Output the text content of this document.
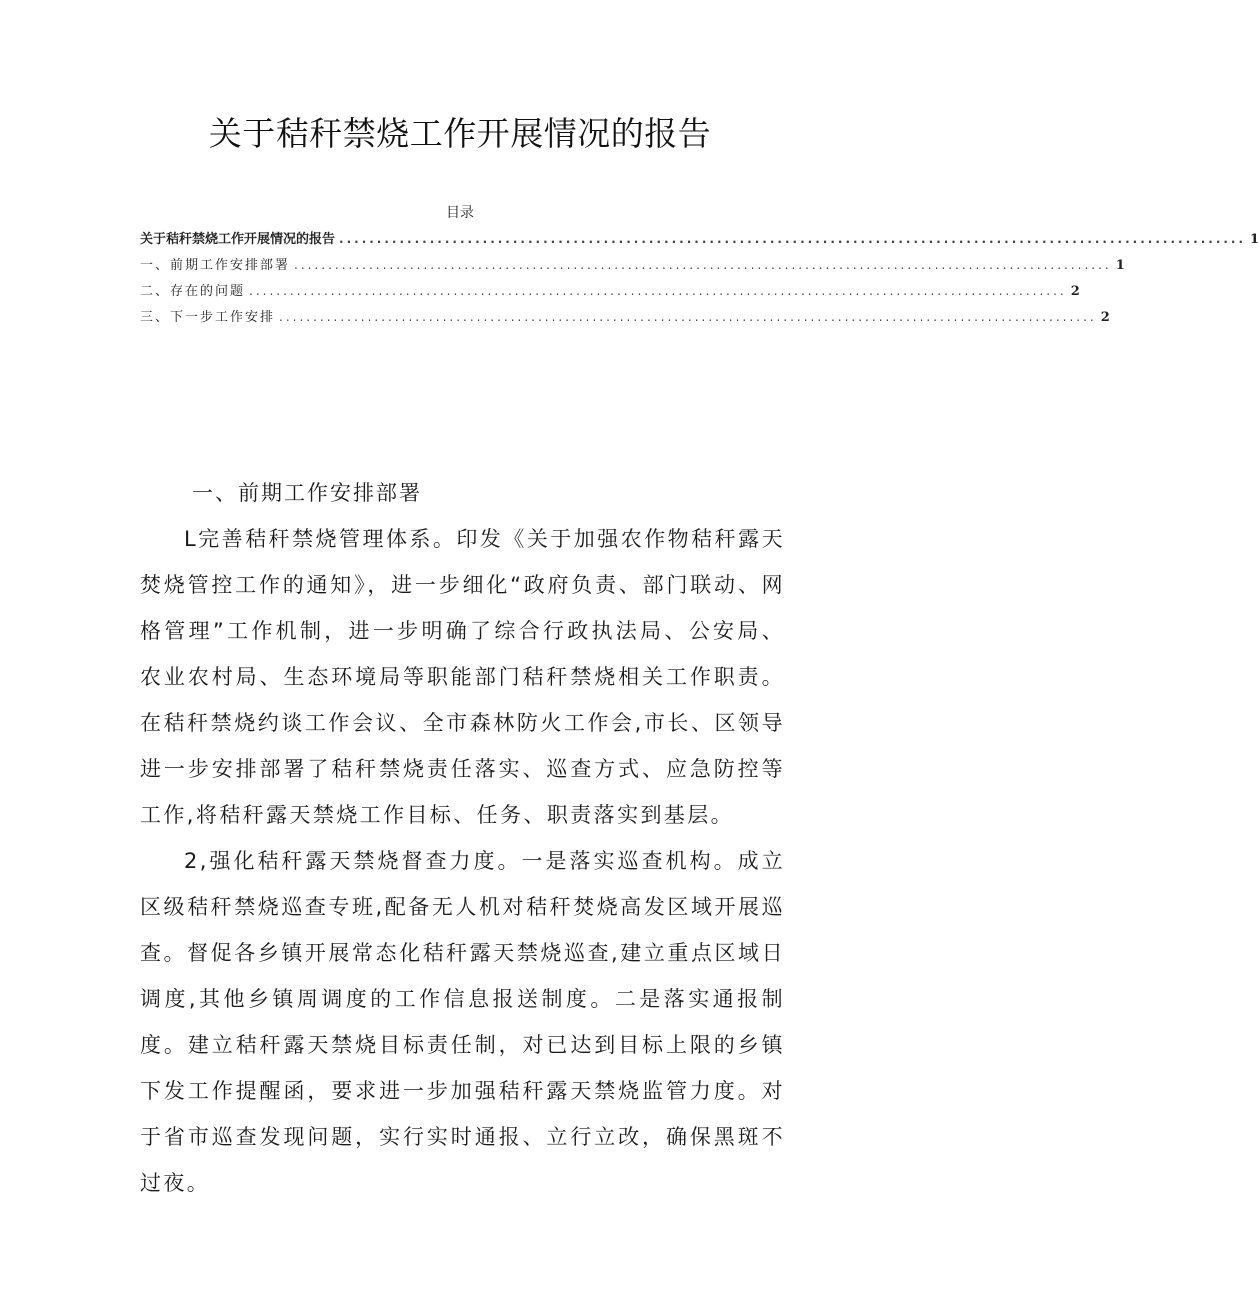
关于秸秆禁烧工作开展情况的报告
目录
关于秸秆禁烧工作开展情况的报告 ........................................................................................................................ 1
一、前期工作安排部署 ........................................................................................................................ 1
二、存在的问题 ........................................................................................................................ 2
三、下一步工作安排 ........................................................................................................................ 2
一、前期工作安排部署

L完善秸秆禁烧管理体系。印发《关于加强农作物秸秆露天焚烧管控工作的通知》，进一步细化“政府负责、部门联动、网格管理”工作机制，进一步明确了综合行政执法局、公安局、农业农村局、生态环境局等职能部门秸秆禁烧相关工作职责。在秸秆禁烧约谈工作会议、全市森林防火工作会,市长、区领导进一步安排部署了秸秆禁烧责任落实、巡查方式、应急防控等工作,将秸秆露天禁烧工作目标、任务、职责落实到基层。

2,强化秸秆露天禁烧督查力度。一是落实巡查机构。成立区级秸秆禁烧巡查专班,配备无人机对秸秆焚烧高发区域开展巡查。督促各乡镇开展常态化秸秆露天禁烧巡查,建立重点区域日调度,其他乡镇周调度的工作信息报送制度。二是落实通报制度。建立秸秆露天禁烧目标责任制，对已达到目标上限的乡镇下发工作提醒函，要求进一步加强秸秆露天禁烧监管力度。对于省市巡查发现问题，实行实时通报、立行立改，确保黑斑不过夜。
